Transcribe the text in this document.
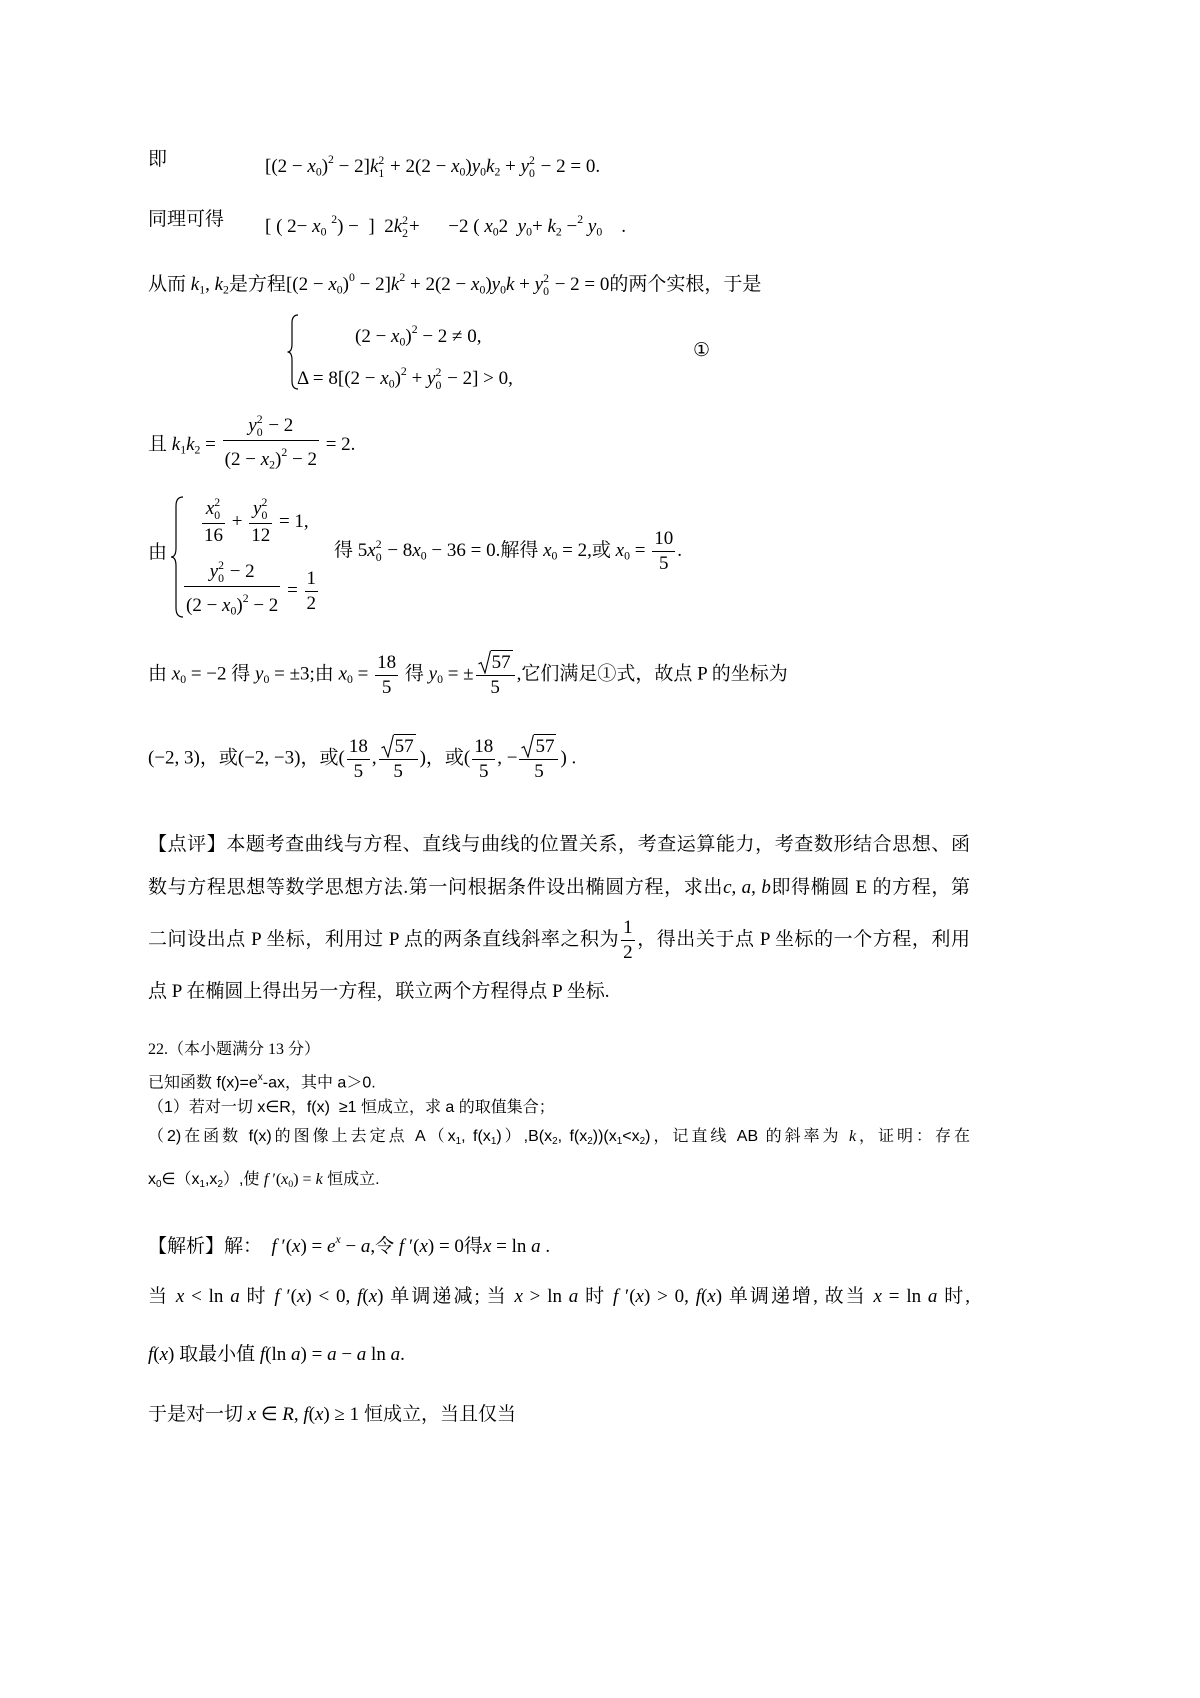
即	$[(2 - x_0)^2 - 2]k$ 2
$1 + 2(2 - x_0)y_0k_2 + y$ 2
0 − 2 = 0.
同理可得 [ ( $2- x_0$ $^2$) −  ]  2k 2
2 +      −2 ( $x_02$  $y_0+ k_2 -^2$ $y_0$    .
从而 $k_1$, $k_2$是方程$[(2 - x_0)^0 - 2]k^2 + 2(2 - x_0)y_0k + y$ 2
0 − 2 = 0的两个实根，于是
$(2 - x_0)^2 - 2 \ne 0$,
$\Delta = 8[(2 - x_0)^2 + y$ 2
0 − 2] > 0,
①
且 $k_1k_2 = y$ 2
0 − 2
$(2 - x_2)^2 - 2 = 2$.
由
x 2
0
16 + y 2
0
12 = 1,
y 2
0 − 2
$(2 - x_0)^2 - 2 = \frac{1}{2}$
得 5x 2
$0 - 8x_0 - 36 = 0$.解得 $x_0 = 2$,或 $x_0 = \frac{10}{5}$ .
由 $x_0 = -2$ 得 $y_0 = \pm 3$;由 $x_0 = \frac{18}{5}$ 得 $y_0$ = ± $\frac{57}{5}$ ,它们满足①式，故点 P 的坐标为
(−2, 3)，或(−2, −3)，或( $\frac{18}{5}$ , $\frac{57}{5}$ )，或( $\frac{18}{5}$ , − $\frac{57}{5}$ ) .
【点评】本题考查曲线与方程、直线与曲线的位置关系，考查运算能力，考查数形结合思想、函
数与方程思想等数学思想方法.第一问根据条件设出椭圆方程，求出c, a, b即得椭圆 E 的方程，第
二问设出点 P 坐标，利用过 P 点的两条直线斜率之积为 $\frac{1}{2}$ ，得出关于点 P 坐标的一个方程，利用
点 P 在椭圆上得出另一方程，联立两个方程得点 P 坐标.
22.（本小题满分 13 分）
已知函数 $f(x)=e^x-ax$，其中 a＞0.
（1）若对一切 x∈R，f(x)  ≥1 恒成立，求 a 的取值集合；
（2)在函数 f(x)的图像上去定点 A（x1, f(x1)）,B(x2, f(x2))(x1<x2)，记直线 AB 的斜率为 k，证明：存在
x0∈（x1,x2）,使 f $'(x_0) = k$ 恒成立.
【解析】解：  f $'(x) = e^x - a$,令 f ′(x) = 0得x = ln a .
当 x < ln a 时 f ′(x) < 0, f(x) 单调递减; 当 x > ln a 时 f ′(x) > 0, f(x) 单调递增, 故当 x = ln a 时,
f(x) 取最小值 f(ln a) = a − a ln a.
于是对一切 x ∈ R, f(x) ≥ 1 恒成立，当且仅当
